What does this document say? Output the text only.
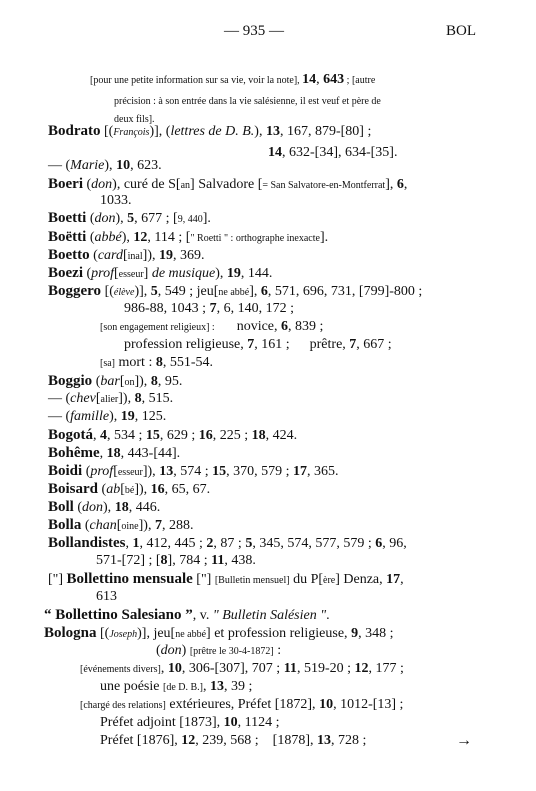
— 935 —	BOL
[pour une petite information sur sa vie, voir la note], 14, 643 ; [autre
précision : à son entrée dans la vie salésienne, il est veuf et père de
deux fils].
Bodrato [(François)], (lettres de D. B.), 13, 167, 879-[80] ;
14, 632-[34], 634-[35].
— (Marie), 10, 623.
Boeri (don), curé de S[an] Salvadore [= San Salvatore-en-Montferrat], 6,
1033.
Boetti (don), 5, 677 ; [9, 440].
Boëtti (abbé), 12, 114 ; [" Roetti " : orthographe inexacte].
Boetto (card[inal]), 19, 369.
Boezi (prof[esseur] de musique), 19, 144.
Boggero [(élève)], 5, 549 ; jeu[ne abbé], 6, 571, 696, 731, [799]-800 ;
986-88, 1043 ; 7, 6, 140, 172 ;
[son engagement religieux] : novice, 6, 839 ;
profession religieuse, 7, 161 ; prêtre, 7, 667 ;
[sa] mort : 8, 551-54.
Boggio (bar[on]), 8, 95.
— (chev[alier]), 8, 515.
— (famille), 19, 125.
Bogotá, 4, 534 ; 15, 629 ; 16, 225 ; 18, 424.
Bohême, 18, 443-[44].
Boidi (prof[esseur]), 13, 574 ; 15, 370, 579 ; 17, 365.
Boisard (ab[bé]), 16, 65, 67.
Boll (don), 18, 446.
Bolla (chan[oine]), 7, 288.
Bollandistes, 1, 412, 445 ; 2, 87 ; 5, 345, 574, 577, 579 ; 6, 96,
571-[72] ; [8], 784 ; 11, 438.
["] Bollettino mensuale ["] [Bulletin mensuel] du P[ère] Denza, 17,
613
“ Bollettino Salesiano ”, v. " Bulletin Salésien ".
Bologna [(Joseph)], jeu[ne abbé] et profession religieuse, 9, 348 ;
(don) [prêtre le 30-4-1872] :
[événements divers], 10, 306-[307], 707 ; 11, 519-20 ; 12, 177 ;
une poésie [de D. B.], 13, 39 ;
[chargé des relations] extérieures, Préfet [1872], 10, 1012-[13] ;
Préfet adjoint [1873], 10, 1124 ;
Préfet [1876], 12, 239, 568 ; [1878], 13, 728 ;	→
